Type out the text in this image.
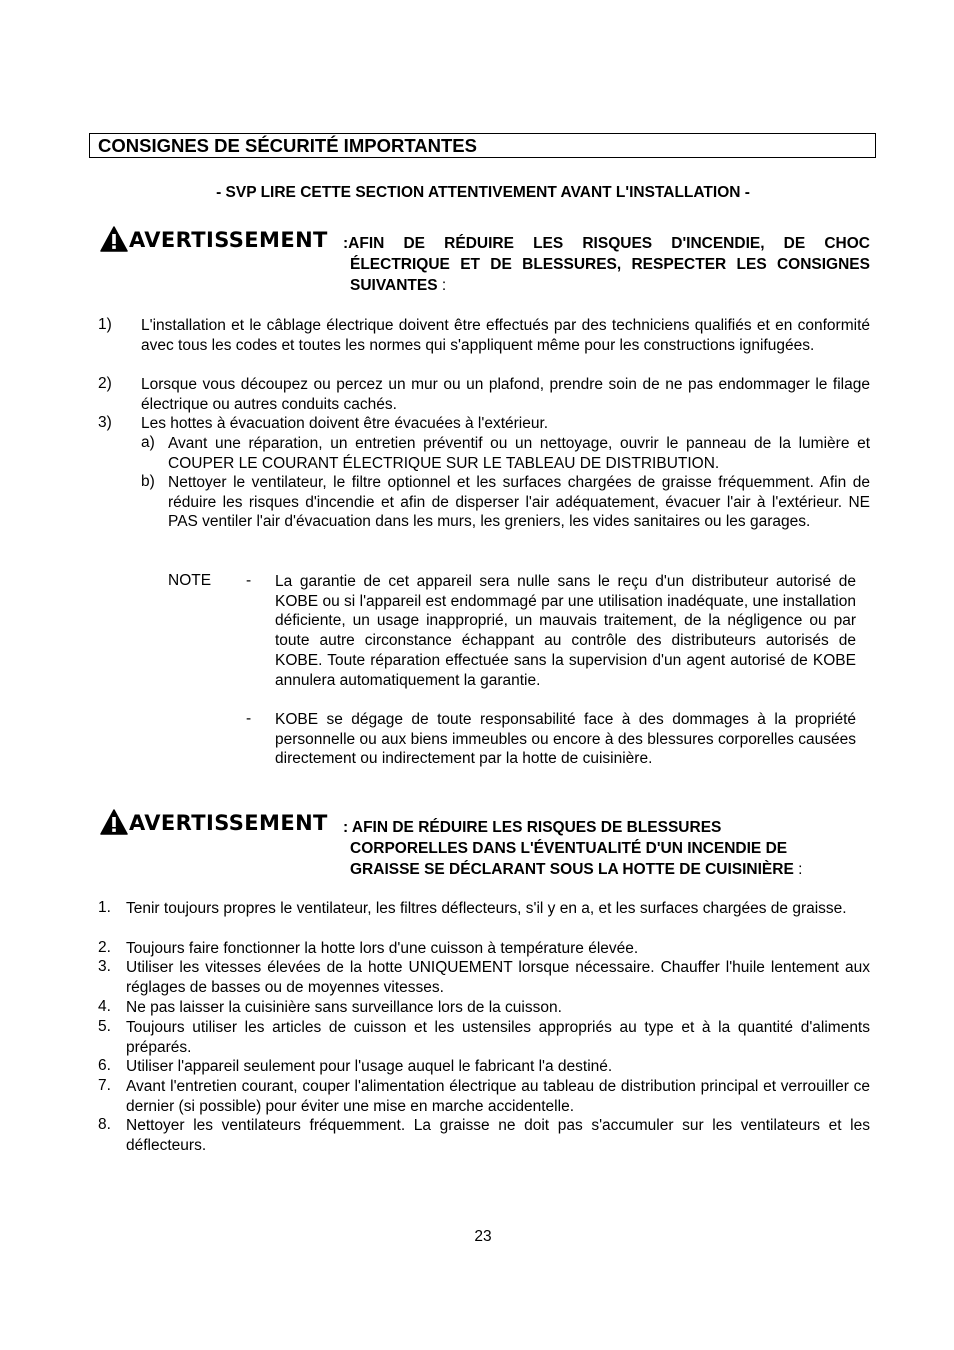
CONSIGNES DE SÉCURITÉ IMPORTANTES
- SVP LIRE CETTE SECTION ATTENTIVEMENT AVANT L'INSTALLATION -
AVERTISSEMENT :AFIN DE RÉDUIRE LES RISQUES D'INCENDIE, DE CHOC
ÉLECTRIQUE ET DE BLESSURES, RESPECTER LES CONSIGNES SUIVANTES :
1) L'installation et le câblage électrique doivent être effectués par des techniciens qualifiés et en conformité avec tous les codes et toutes les normes qui s'appliquent même pour les constructions ignifugées.
2) Lorsque vous découpez ou percez un mur ou un plafond, prendre soin de ne pas endommager le filage électrique ou autres conduits cachés.
3) Les hottes à évacuation doivent être évacuées à l'extérieur.
a) Avant une réparation, un entretien préventif ou un nettoyage, ouvrir le panneau de la lumière et COUPER LE COURANT ÉLECTRIQUE SUR LE TABLEAU DE DISTRIBUTION.
b) Nettoyer le ventilateur, le filtre optionnel et les surfaces chargées de graisse fréquemment. Afin de réduire les risques d'incendie et afin de disperser l'air adéquatement, évacuer l'air à l'extérieur. NE PAS ventiler l'air d'évacuation dans les murs, les greniers, les vides sanitaires ou les garages.
NOTE - La garantie de cet appareil sera nulle sans le reçu d'un distributeur autorisé de KOBE ou si l'appareil est endommagé par une utilisation inadéquate, une installation déficiente, un usage inapproprié, un mauvais traitement, de la négligence ou par toute autre circonstance échappant au contrôle des distributeurs autorisés de KOBE. Toute réparation effectuée sans la supervision d'un agent autorisé de KOBE annulera automatiquement la garantie.
- KOBE se dégage de toute responsabilité face à des dommages à la propriété personnelle ou aux biens immeubles ou encore à des blessures corporelles causées directement ou indirectement par la hotte de cuisinière.
AVERTISSEMENT : AFIN DE RÉDUIRE LES RISQUES DE BLESSURES
CORPORELLES DANS L'ÉVENTUALITÉ D'UN INCENDIE DE
GRAISSE SE DÉCLARANT SOUS LA HOTTE DE CUISINIÈRE :
1. Tenir toujours propres le ventilateur, les filtres déflecteurs, s'il y en a, et les surfaces chargées de graisse.
2. Toujours faire fonctionner la hotte lors d'une cuisson à température élevée.
3. Utiliser les vitesses élevées de la hotte UNIQUEMENT lorsque nécessaire. Chauffer l'huile lentement aux réglages de basses ou de moyennes vitesses.
4. Ne pas laisser la cuisinière sans surveillance lors de la cuisson.
5. Toujours utiliser les articles de cuisson et les ustensiles appropriés au type et à la quantité d'aliments préparés.
6. Utiliser l'appareil seulement pour l'usage auquel le fabricant l'a destiné.
7. Avant l'entretien courant, couper l'alimentation électrique au tableau de distribution principal et verrouiller ce dernier (si possible) pour éviter une mise en marche accidentelle.
8. Nettoyer les ventilateurs fréquemment. La graisse ne doit pas s'accumuler sur les ventilateurs et les déflecteurs.
23
